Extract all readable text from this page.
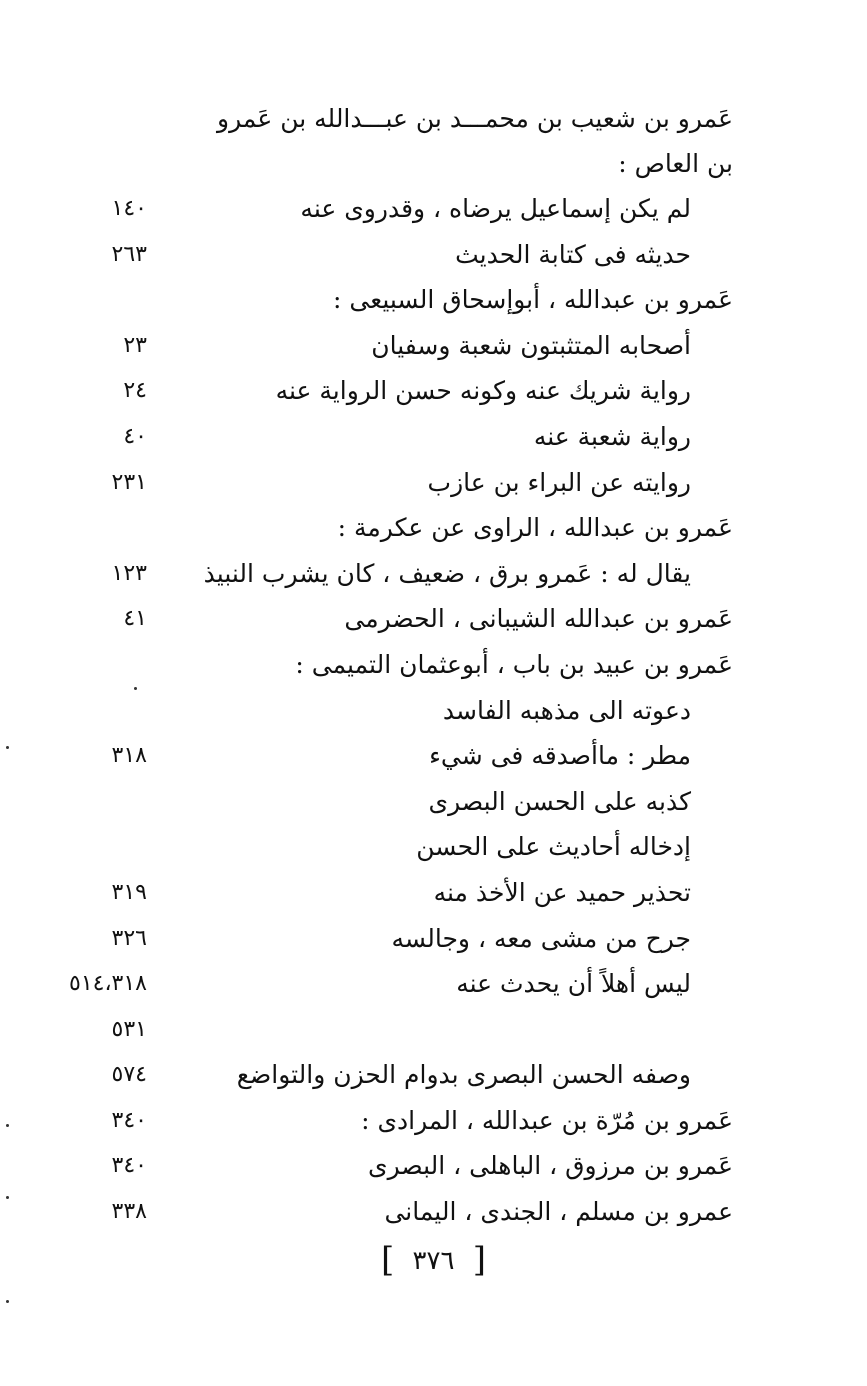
عَمرو بن شعيب بن محمـــد بن عبـــدالله بن عَمرو بن العاص :
لم يكن إسماعيل يرضاه ، وقدروى عنه
١٤٠
حديثه فى كتابة الحديث
٢٦٣
عَمرو بن عبدالله ، أبوإسحاق السبيعى :
أصحابه المتثبتون شعبة وسفيان
٢٣
رواية شريك عنه وكونه حسن الرواية عنه
٢٤
رواية شعبة عنه
٤٠
روايته عن البراء بن عازب
٢٣١
عَمرو بن عبدالله ، الراوى عن عكرمة :
يقال له : عَمرو برق ، ضعيف ، كان يشرب النبيذ
١٢٣
عَمرو بن عبدالله الشيبانى ، الحضرمى
٤١
عَمرو بن عبيد بن باب ، أبوعثمان التميمى :
دعوته الى مذهبه الفاسد
مطر : ماأصدقه فى شيء
٣١٨
كذبه على الحسن البصرى
إدخاله أحاديث على الحسن
تحذير حميد عن الأخذ منه
٣١٩
جرح من مشى معه ، وجالسه
٣٢٦
ليس أهلاً أن يحدث عنه
٥١٤،٣١٨
٥٣١
وصفه الحسن البصرى بدوام الحزن والتواضع
٥٧٤
عَمرو بن مُرّة بن عبدالله ، المرادى :
٣٤٠
عَمرو بن مرزوق ، الباهلى ، البصرى
٣٤٠
عمرو بن مسلم ، الجندى ، اليمانى
٣٣٨
[ ٣٧٦ ]
